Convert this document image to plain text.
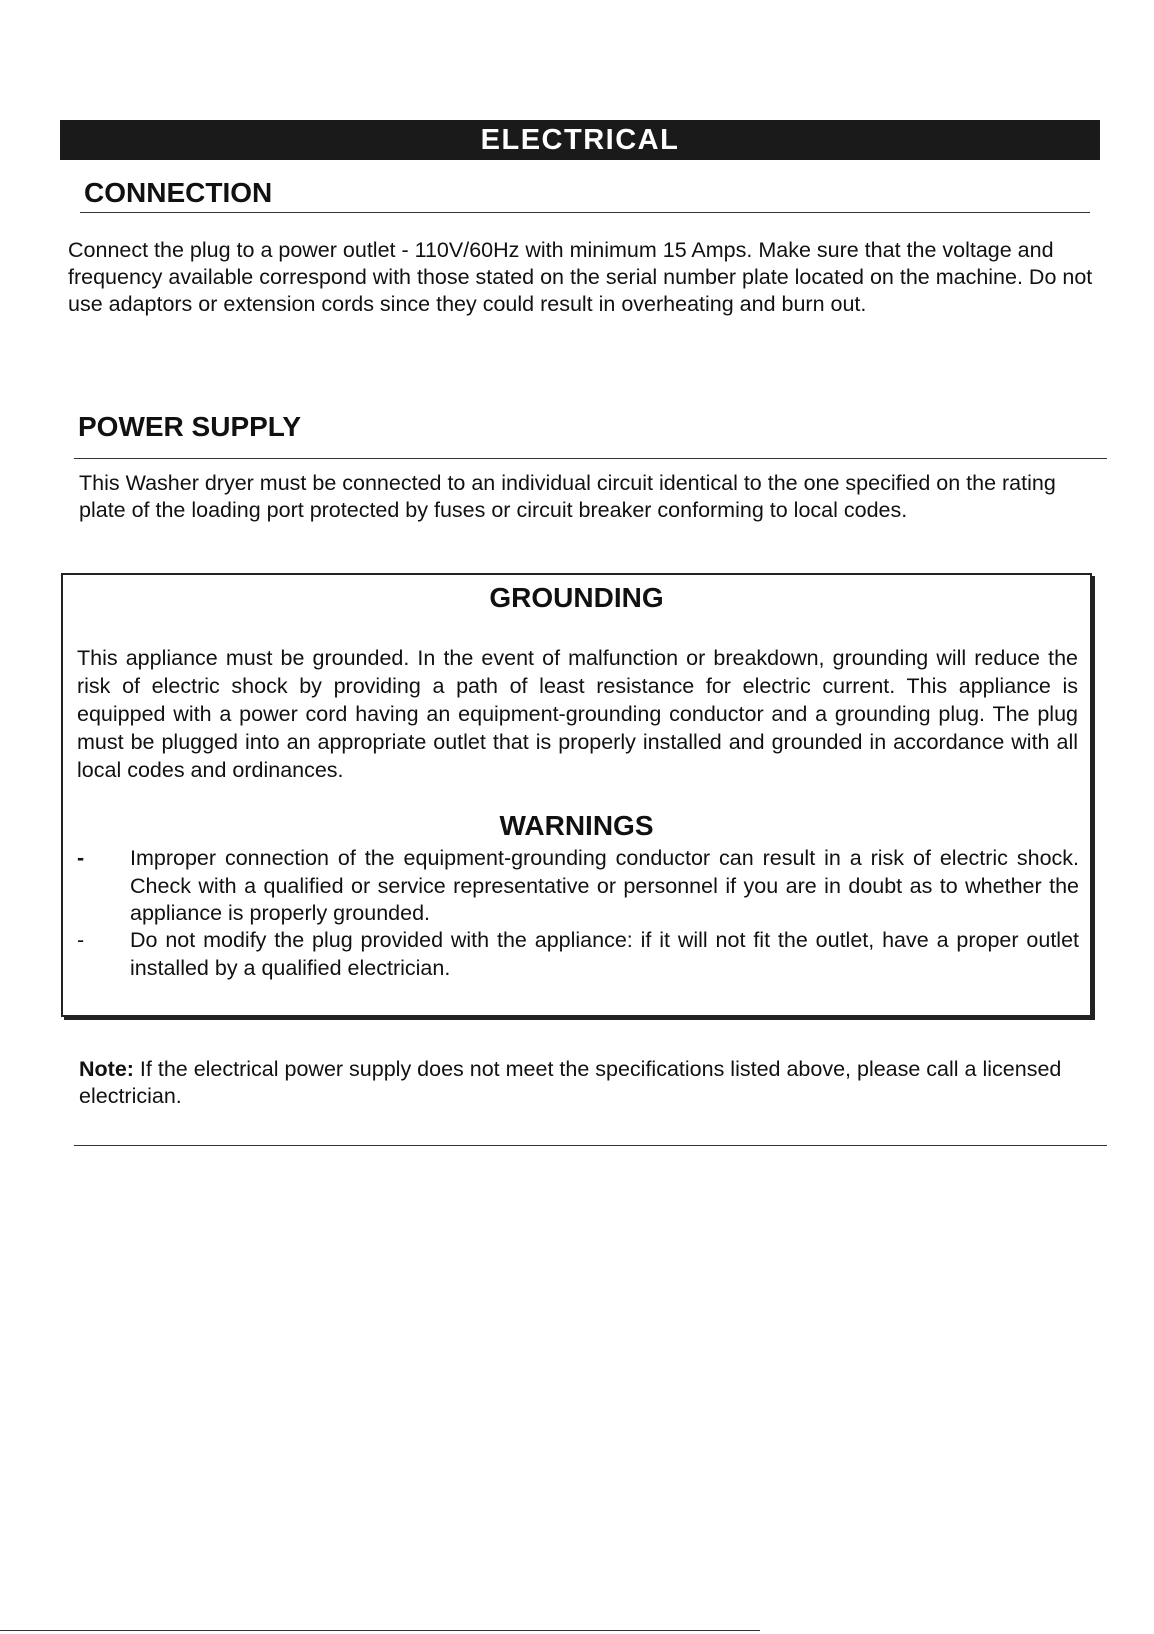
ELECTRICAL
CONNECTION

Connect the plug to a power outlet - 110V/60Hz with minimum 15 Amps. Make sure that the voltage and frequency available correspond with those stated on the serial number plate located on the machine. Do not use adaptors or extension cords since they could result in overheating and burn out.

POWER SUPPLY

This Washer dryer must be connected to an individual circuit identical to the one specified on the rating plate of the loading port protected by fuses or circuit breaker conforming to local codes.

GROUNDING

This appliance must be grounded. In the event of malfunction or breakdown, grounding will reduce the risk of electric shock by providing a path of least resistance for electric current. This appliance is equipped with a power cord having an equipment-grounding conductor and a grounding plug. The plug must be plugged into an appropriate outlet that is properly installed and grounded in accordance with all local codes and ordinances.

WARNINGS
-	Improper connection of the equipment-grounding conductor can result in a risk of electric shock. Check with a qualified or service representative or personnel if you are in doubt as to whether the appliance is properly grounded.
-	Do not modify the plug provided with the appliance: if it will not fit the outlet, have a proper outlet installed by a qualified electrician.

Note: If the electrical power supply does not meet the specifications listed above, please call a licensed electrician.
